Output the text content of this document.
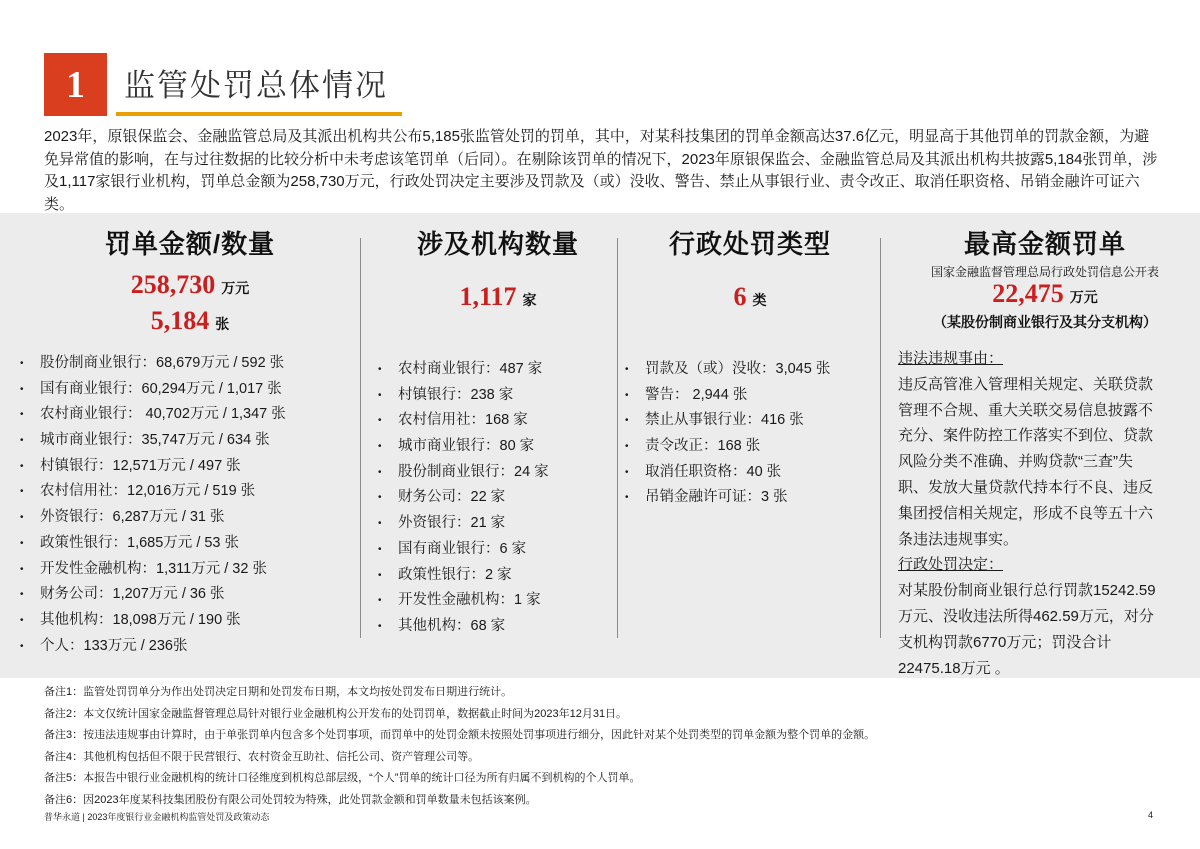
1	监管处罚总体情况
2023年，原银保监会、金融监管总局及其派出机构共公布5,185张监管处罚的罚单，其中，对某科技集团的罚单金额高达37.6亿元，明显高于其他罚单的罚款金额，为避免异常值的影响，在与过往数据的比较分析中未考虑该笔罚单（后同）。在剔除该罚单的情况下，2023年原银保监会、金融监管总局及其派出机构共披露5,184张罚单，涉及1,117家银行业机构，罚单总金额为258,730万元，行政处罚决定主要涉及罚款及（或）没收、警告、禁止从事银行业、责令改正、取消任职资格、吊销金融许可证六类。
罚单金额/数量
258,730 万元
5,184 张
• 股份制商业银行：68,679万元 / 592 张
• 国有商业银行：60,294万元 / 1,017 张
• 农村商业银行： 40,702万元 / 1,347 张
• 城市商业银行：35,747万元 / 634 张
• 村镇银行：12,571万元 / 497 张
• 农村信用社：12,016万元 / 519 张
• 外资银行：6,287万元 / 31 张
• 政策性银行：1,685万元 / 53 张
• 开发性金融机构：1,311万元 / 32 张
• 财务公司：1,207万元 / 36 张
• 其他机构：18,098万元 / 190 张
• 个人：133万元 / 236张
涉及机构数量
1,117 家
• 农村商业银行：487 家
• 村镇银行：238 家
• 农村信用社：168 家
• 城市商业银行：80 家
• 股份制商业银行：24 家
• 财务公司：22 家
• 外资银行：21 家
• 国有商业银行：6 家
• 政策性银行：2 家
• 开发性金融机构：1 家
• 其他机构：68 家
行政处罚类型
6 类
• 罚款及（或）没收：3,045 张
• 警告： 2,944 张
• 禁止从事银行业：416 张
• 责令改正：168 张
• 取消任职资格：40 张
• 吊销金融许可证：3 张
最高金额罚单
国家金融监督管理总局行政处罚信息公开表
22,475 万元
（某股份制商业银行及其分支机构）
违法违规事由：
违反高管准入管理相关规定、关联贷款
管理不合规、重大关联交易信息披露不
充分、案件防控工作落实不到位、贷款
风险分类不准确、并购贷款“三查”失
职、发放大量贷款代持本行不良、违反
集团授信相关规定，形成不良等五十六
条违法违规事实。
行政处罚决定：
对某股份制商业银行总行罚款15242.59
万元、没收违法所得462.59万元，对分
支机构罚款6770万元；罚没合计
22475.18万元 。
备注1：监管处罚罚单分为作出处罚决定日期和处罚发布日期，本文均按处罚发布日期进行统计。
备注2：本文仅统计国家金融监督管理总局针对银行业金融机构公开发布的处罚罚单，数据截止时间为2023年12月31日。
备注3：按违法违规事由计算时，由于单张罚单内包含多个处罚事项，而罚单中的处罚金额未按照处罚事项进行细分，因此针对某个处罚类型的罚单金额为整个罚单的金额。
备注4：其他机构包括但不限于民营银行、农村资金互助社、信托公司、资产管理公司等。
备注5：本报告中银行业金融机构的统计口径维度到机构总部层级，“个人”罚单的统计口径为所有归属不到机构的个人罚单。
备注6：因2023年度某科技集团股份有限公司处罚较为特殊，此处罚款金额和罚单数量未包括该案例。
普华永道 | 2023年度银行业金融机构监管处罚及政策动态	4
